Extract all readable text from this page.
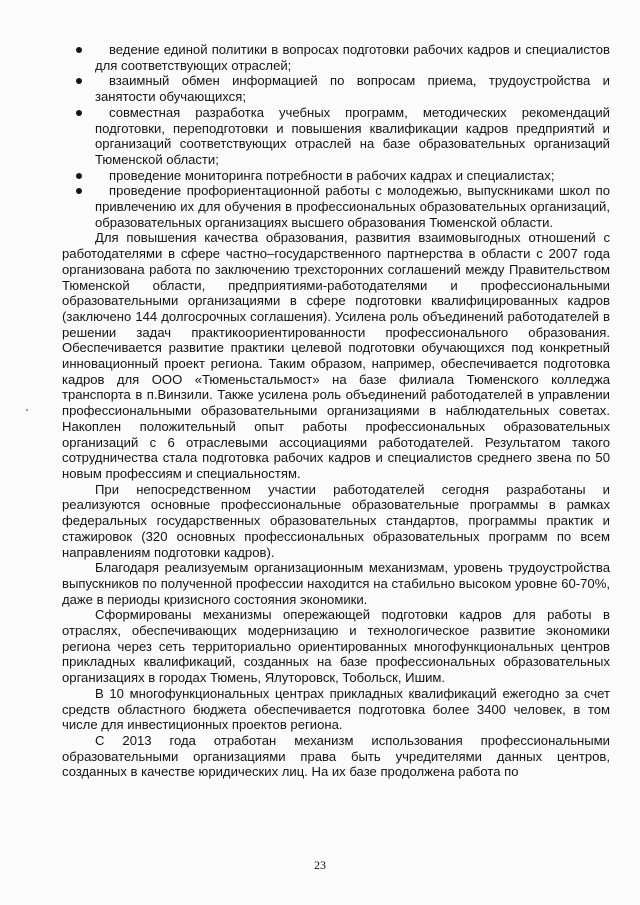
ведение единой политики в вопросах подготовки рабочих кадров и специалистов для соответствующих отраслей;
взаимный обмен информацией по вопросам приема, трудоустройства и занятости обучающихся;
совместная разработка учебных программ, методических рекомендаций подготовки, переподготовки и повышения квалификации кадров предприятий и организаций соответствующих отраслей на базе образовательных организаций Тюменской области;
проведение мониторинга потребности в рабочих кадрах и специалистах;
проведение профориентационной работы с молодежью, выпускниками школ по привлечению их для обучения в профессиональных образовательных организаций, образовательных организациях высшего образования Тюменской области.

Для повышения качества образования, развития взаимовыгодных отношений с работодателями в сфере частно–государственного партнерства в области с 2007 года организована работа по заключению трехсторонних соглашений между Правительством Тюменской области, предприятиями-работодателями и профессиональными образовательными организациями в сфере подготовки квалифицированных кадров (заключено 144 долгосрочных соглашения). Усилена роль объединений работодателей в решении задач практикоориентированности профессионального образования. Обеспечивается развитие практики целевой подготовки обучающихся под конкретный инновационный проект региона. Таким образом, например, обеспечивается подготовка кадров для ООО «Тюменьстальмост» на базе филиала Тюменского колледжа транспорта в п.Винзили. Также усилена роль объединений работодателей в управлении профессиональными образовательными организациями в наблюдательных советах. Накоплен положительный опыт работы профессиональных образовательных организаций с 6 отраслевыми ассоциациями работодателей. Результатом такого сотрудничества стала подготовка рабочих кадров и специалистов среднего звена по 50 новым профессиям и специальностям.

При непосредственном участии работодателей сегодня разработаны и реализуются основные профессиональные образовательные программы в рамках федеральных государственных образовательных стандартов, программы практик и стажировок (320 основных профессиональных образовательных программ по всем направлениям подготовки кадров).

Благодаря реализуемым организационным механизмам, уровень трудоустройства выпускников по полученной профессии находится на стабильно высоком уровне 60-70%, даже в периоды кризисного состояния экономики.

Сформированы механизмы опережающей подготовки кадров для работы в отраслях, обеспечивающих модернизацию и технологическое развитие экономики региона через сеть территориально ориентированных многофункциональных центров прикладных квалификаций, созданных на базе профессиональных образовательных организациях в городах Тюмень, Ялуторовск, Тобольск, Ишим.

В 10 многофункциональных центрах прикладных квалификаций ежегодно за счет средств областного бюджета обеспечивается подготовка более 3400 человек, в том числе для инвестиционных проектов региона.

С 2013 года отработан механизм использования профессиональными образовательными организациями права быть учредителями данных центров, созданных в качестве юридических лиц. На их базе продолжена работа по

23
